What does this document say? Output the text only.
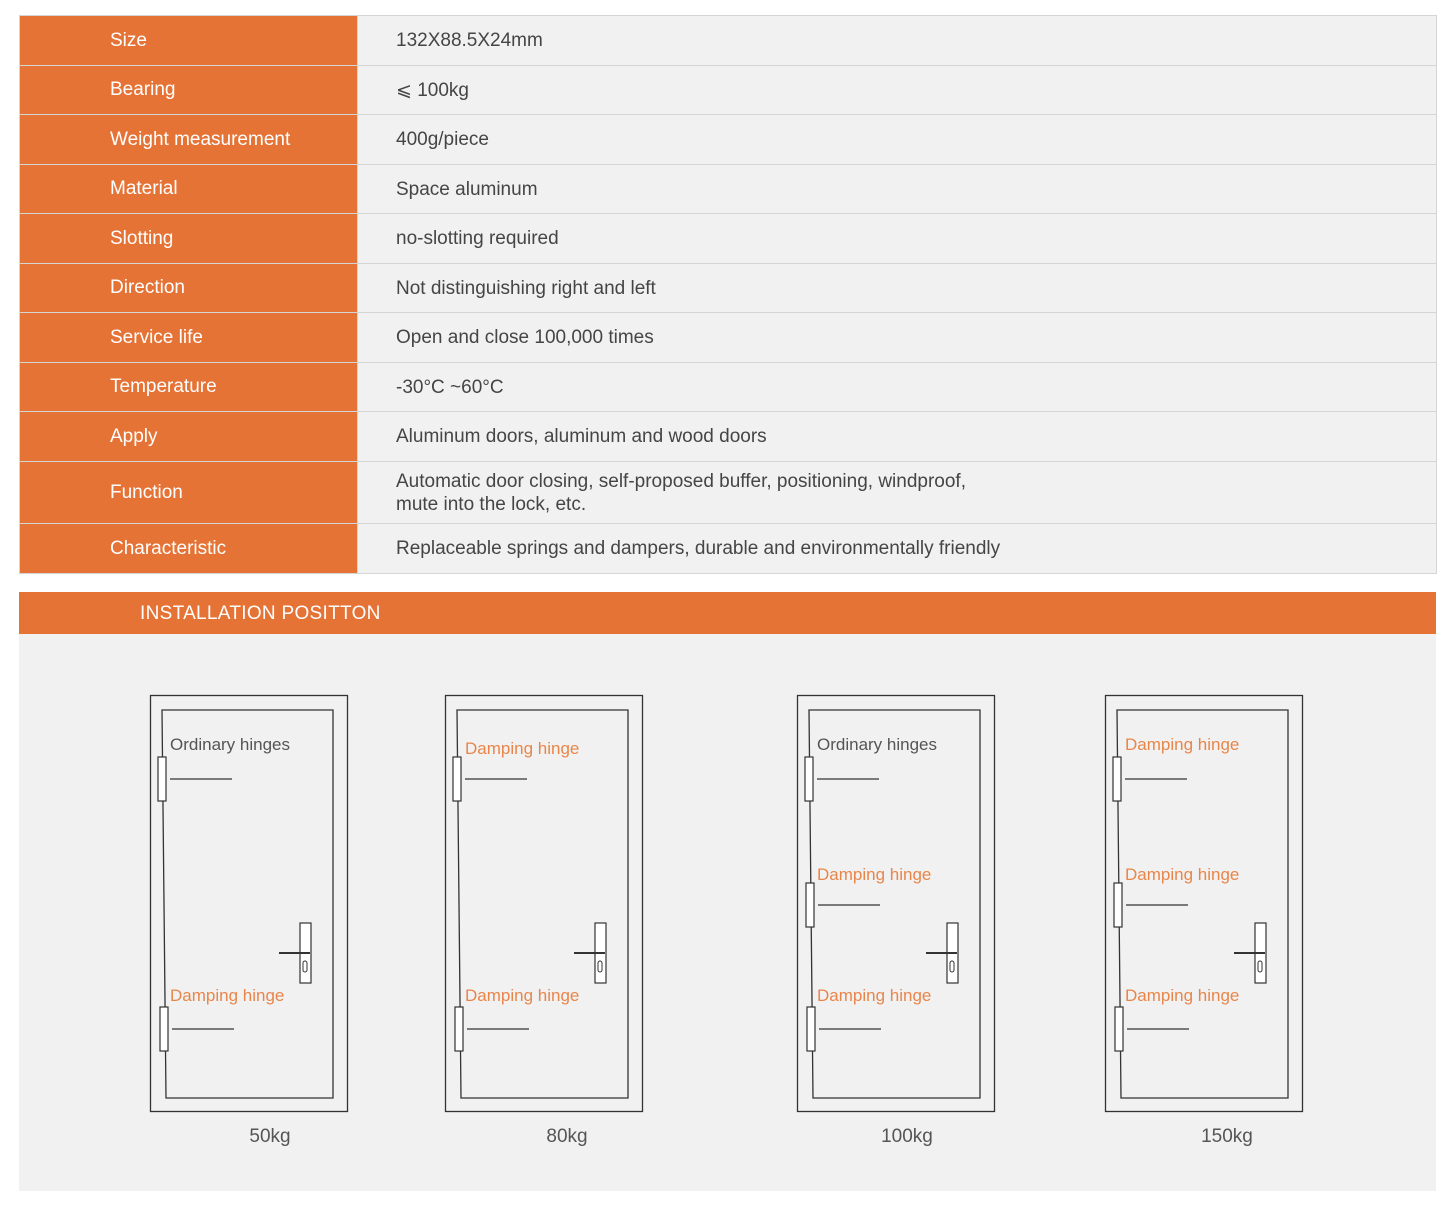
Size	132X88.5X24mm
Bearing	⩽ 100kg
Weight measurement	400g/piece
Material	Space aluminum
Slotting	no-slotting required
Direction	Not distinguishing right and left
Service life	Open and close 100,000 times
Temperature	-30°C ~60°C
Apply	Aluminum doors, aluminum and wood doors
Function	Automatic door closing, self-proposed buffer, positioning, windproof,
mute into the lock, etc.

Characteristic	Replaceable springs and dampers, durable and environmentally friendly
INSTALLATION POSITTON
Ordinary hinges
Damping hinge
50kg
Damping hinge
Damping hinge
80kg
Ordinary hinges
Damping hinge
Damping hinge
100kg
Damping hinge
Damping hinge
Damping hinge
150kg
